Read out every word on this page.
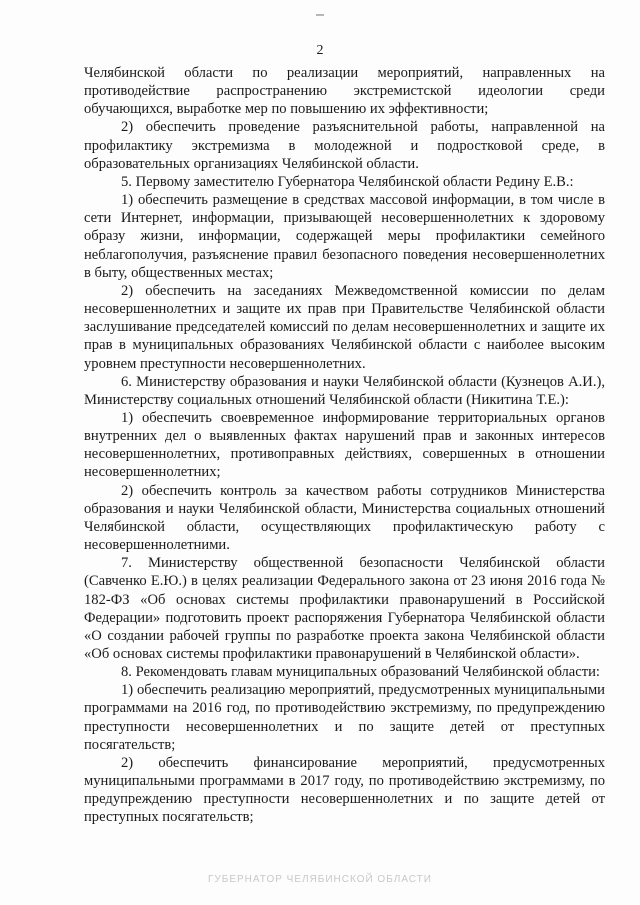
2

Челябинской области по реализации мероприятий, направленных на противодействие распространению экстремистской идеологии среди обучающихся, выработке мер по повышению их эффективности;

2) обеспечить проведение разъяснительной работы, направленной на профилактику экстремизма в молодежной и подростковой среде, в образовательных организациях Челябинской области.

5. Первому заместителю Губернатора Челябинской области Редину Е.В.:

1) обеспечить размещение в средствах массовой информации, в том числе в сети Интернет, информации, призывающей несовершеннолетних к здоровому образу жизни, информации, содержащей меры профилактики семейного неблагополучия, разъяснение правил безопасного поведения несовершеннолетних в быту, общественных местах;

2) обеспечить на заседаниях Межведомственной комиссии по делам несовершеннолетних и защите их прав при Правительстве Челябинской области заслушивание председателей комиссий по делам несовершеннолетних и защите их прав в муниципальных образованиях Челябинской области с наиболее высоким уровнем преступности несовершеннолетних.

6. Министерству образования и науки Челябинской области (Кузнецов А.И.), Министерству социальных отношений Челябинской области (Никитина Т.Е.):

1) обеспечить своевременное информирование территориальных органов внутренних дел о выявленных фактах нарушений прав и законных интересов несовершеннолетних, противоправных действиях, совершенных в отношении несовершеннолетних;

2) обеспечить контроль за качеством работы сотрудников Министерства образования и науки Челябинской области, Министерства социальных отношений Челябинской области, осуществляющих профилактическую работу с несовершеннолетними.

7. Министерству общественной безопасности Челябинской области (Савченко Е.Ю.) в целях реализации Федерального закона от 23 июня 2016 года № 182-ФЗ «Об основах системы профилактики правонарушений в Российской Федерации» подготовить проект распоряжения Губернатора Челябинской области «О создании рабочей группы по разработке проекта закона Челябинской области «Об основах системы профилактики правонарушений в Челябинской области».

8. Рекомендовать главам муниципальных образований Челябинской области:

1) обеспечить реализацию мероприятий, предусмотренных муниципальными программами на 2016 год, по противодействию экстремизму, по предупреждению преступности несовершеннолетних и по защите детей от преступных посягательств;

2) обеспечить финансирование мероприятий, предусмотренных муниципальными программами в 2017 году, по противодействию экстремизму, по предупреждению преступности несовершеннолетних и по защите детей от преступных посягательств;

ГУБЕРНАТОР ЧЕЛЯБИНСКОЙ ОБЛАСТИ
